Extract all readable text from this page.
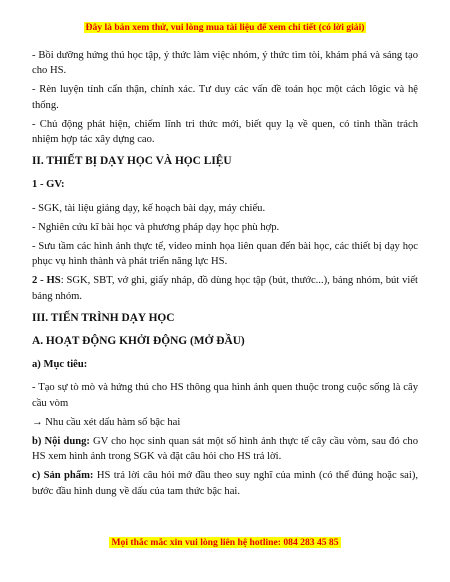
Đây là bản xem thử, vui lòng mua tài liệu để xem chi tiết (có lời giải)

- Bồi dưỡng hứng thú học tập, ý thức làm việc nhóm, ý thức tìm tòi, khám phá và sáng tạo cho HS.

- Rèn luyện tính cẩn thận, chính xác. Tư duy các vấn đề toán học một cách lôgic và hệ thống.

- Chủ động phát hiện, chiếm lĩnh tri thức mới, biết quy lạ về quen, có tinh thần trách nhiệm hợp tác xây dựng cao.

II. THIẾT BỊ DẠY HỌC VÀ HỌC LIỆU
1 - GV:

- SGK, tài liệu giảng dạy, kế hoạch bài dạy, máy chiếu.

- Nghiên cứu kĩ bài học và phương pháp dạy học phù hợp.

- Sưu tầm các hình ảnh thực tế, video minh họa liên quan đến bài học, các thiết bị dạy học phục vụ hình thành và phát triển năng lực HS.

2 - HS: SGK, SBT, vở ghi, giấy nháp, đồ dùng học tập (bút, thước...), bảng nhóm, bút viết bảng nhóm.

III. TIẾN TRÌNH DẠY HỌC
A. HOẠT ĐỘNG KHỞI ĐỘNG (MỞ ĐẦU)
a) Mục tiêu:

- Tạo sự tò mò và hứng thú cho HS thông qua hình ảnh quen thuộc trong cuộc sống là cây cầu vòm

→ Nhu cầu xét dấu hàm số bậc hai

b) Nội dung: GV cho học sinh quan sát một số hình ảnh thực tế cây cầu vòm, sau đó cho HS xem hình ảnh trong SGK và đặt câu hỏi cho HS trả lời.

c) Sản phẩm: HS trả lời câu hỏi mở đầu theo suy nghĩ của mình (có thể đúng hoặc sai), bước đầu hình dung về dấu của tam thức bậc hai.

Mọi thắc mắc xin vui lòng liên hệ hotline: 084 283 45 85
